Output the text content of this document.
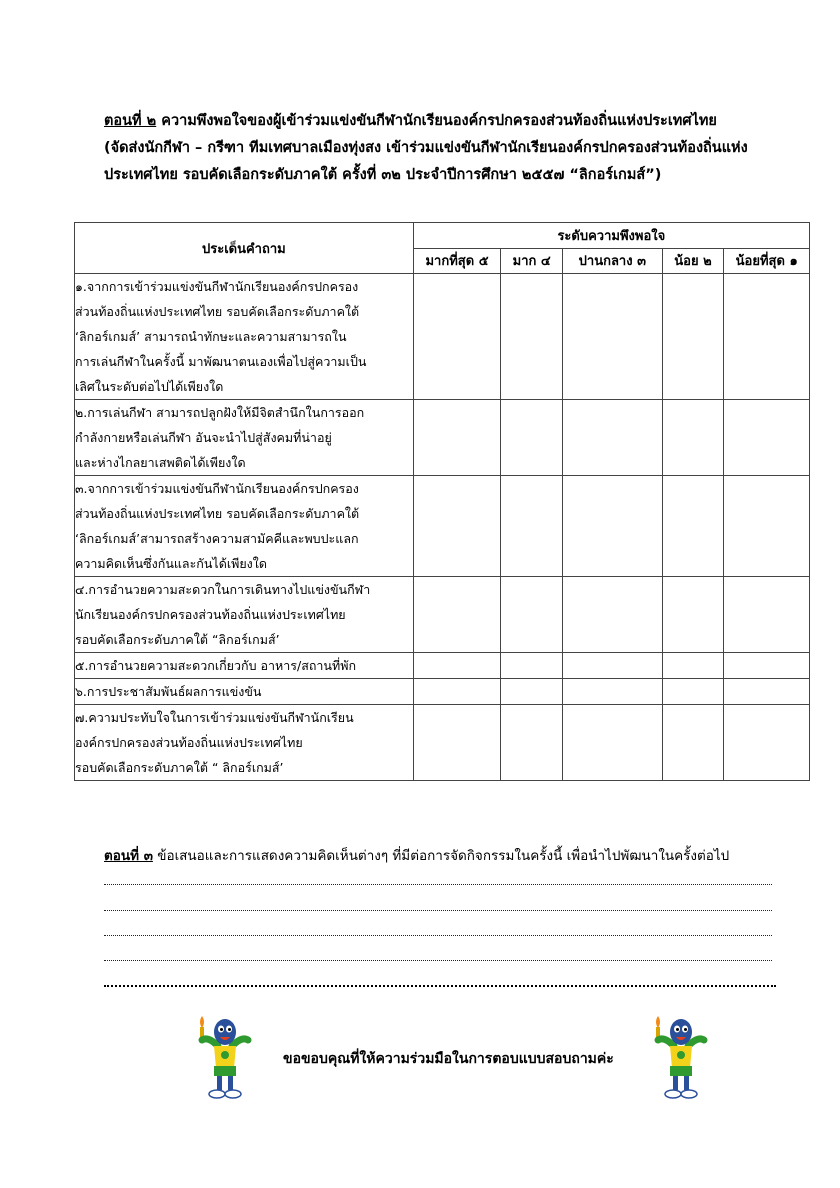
ตอนที่ ๒ ความพึงพอใจของผู้เข้าร่วมแข่งขันกีฬานักเรียนองค์กรปกครองส่วนท้องถิ่นแห่งประเทศไทย
(จัดส่งนักกีฬา – กรีฑา ทีมเทศบาลเมืองทุ่งสง เข้าร่วมแข่งขันกีฬานักเรียนองค์กรปกครองส่วนท้องถิ่นแห่ง
ประเทศไทย รอบคัดเลือกระดับภาคใต้ ครั้งที่ ๓๒ ประจำปีการศึกษา ๒๕๕๗ “ลิกอร์เกมส์”)
ประเด็นคำถาม	ระดับความพึงพอใจ				
	มากที่สุด ๕	มาก ๔	ปานกลาง ๓	น้อย ๒	น้อยที่สุด ๑

๑.จากการเข้าร่วมแข่งขันกีฬานักเรียนองค์กรปกครอง
ส่วนท้องถิ่นแห่งประเทศไทย รอบคัดเลือกระดับภาคใต้
‘ลิกอร์เกมส์’ สามารถนำทักษะและความสามารถใน
การเล่นกีฬาในครั้งนี้ มาพัฒนาตนเองเพื่อไปสู่ความเป็น
เลิศในระดับต่อไปได้เพียงใด					

๒.การเล่นกีฬา สามารถปลูกฝังให้มีจิตสำนึกในการออก
กำลังกายหรือเล่นกีฬา อันจะนำไปสู่สังคมที่น่าอยู่
และห่างไกลยาเสพติดได้เพียงใด					

๓.จากการเข้าร่วมแข่งขันกีฬานักเรียนองค์กรปกครอง
ส่วนท้องถิ่นแห่งประเทศไทย รอบคัดเลือกระดับภาคใต้
‘ลิกอร์เกมส์’สามารถสร้างความสามัคคีและพบปะแลก
ความคิดเห็นซึ่งกันและกันได้เพียงใด					

๔.การอำนวยความสะดวกในการเดินทางไปแข่งขันกีฬา
นักเรียนองค์กรปกครองส่วนท้องถิ่นแห่งประเทศไทย
รอบคัดเลือกระดับภาคใต้ “ลิกอร์เกมส์’					

๕.การอำนวยความสะดวกเกี่ยวกับ อาหาร/สถานที่พัก					

๖.การประชาสัมพันธ์ผลการแข่งขัน					

๗.ความประทับใจในการเข้าร่วมแข่งขันกีฬานักเรียน
องค์กรปกครองส่วนท้องถิ่นแห่งประเทศไทย
รอบคัดเลือกระดับภาคใต้ “ ลิกอร์เกมส์’					

ตอนที่ ๓ ข้อเสนอและการแสดงความคิดเห็นต่างๆ ที่มีต่อการจัดกิจกรรมในครั้งนี้ เพื่อนำไปพัฒนาในครั้งต่อไป
ขอขอบคุณที่ให้ความร่วมมือในการตอบแบบสอบถามค่ะ
